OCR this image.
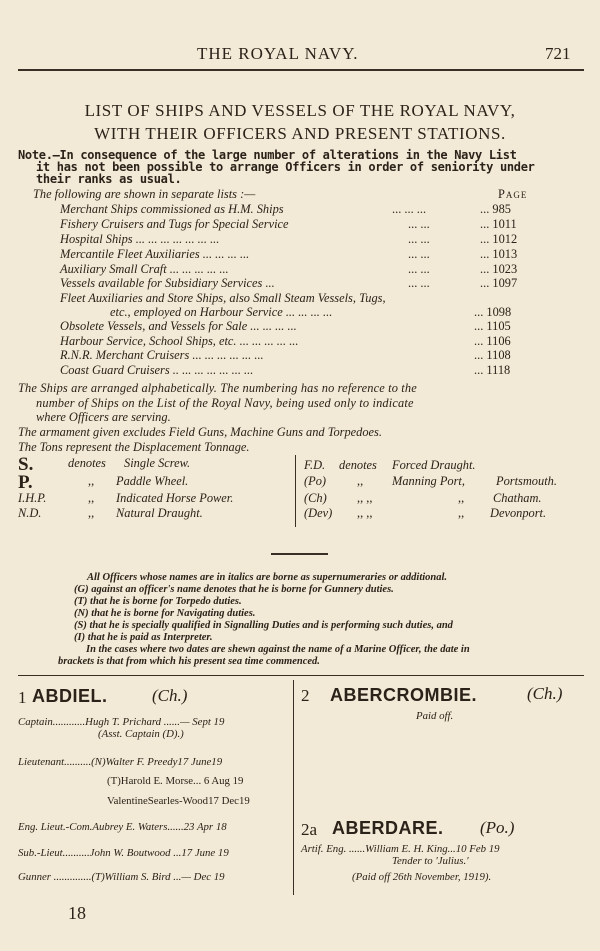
THE ROYAL NAVY.	721
LIST OF SHIPS AND VESSELS OF THE ROYAL NAVY,
WITH THEIR OFFICERS AND PRESENT STATIONS.
Note.—In consequence of the large number of alterations in the Navy List
it has not been possible to arrange Officers in order of seniority under
their ranks as usual.
The following are shown in separate lists :—	Page
Merchant Ships commissioned as H.M. Ships	... ... ...	... 985
Fishery Cruisers and Tugs for Special Service	... ...	... 1011
Hospital Ships ... ... ... ... ... ... ...	... ...	... 1012
Mercantile Fleet Auxiliaries ... ... ... ...	... ...	... 1013
Auxiliary Small Craft ... ... ... ... ...	... ...	... 1023
Vessels available for Subsidiary Services ...	... ...	... 1097
Fleet Auxiliaries and Store Ships, also Small Steam Vessels, Tugs,
etc., employed on Harbour Service ... ... ... ...	... 1098
Obsolete Vessels, and Vessels for Sale ... ... ... ...	... 1105
Harbour Service, School Ships, etc. ... ... ... ... ...	... 1106
R.N.R. Merchant Cruisers ... ... ... ... ... ...	... 1108
Coast Guard Cruisers .. ... ... ... ... ... ...	... 1118
The Ships are arranged alphabetically. The numbering has no reference to the
number of Ships on the List of the Royal Navy, being used only to indicate
where Officers are serving.
The armament given excludes Field Guns, Machine Guns and Torpedoes.
The Tons represent the Displacement Tonnage.
S.	denotes Single Screw.
P.	,, Paddle Wheel.
I.H.P.	,, Indicated Horse Power.
N.D.	,, Natural Draught.
F.D. denotes Forced Draught.
(Po) ,, Manning Port,	Portsmouth.
(Ch) ,, ,,	,, Chatham.
(Dev) ,, ,,	,, Devonport.
All Officers whose names are in italics are borne as supernumeraries or additional.
(G) against an officer's name denotes that he is borne for Gunnery duties.
(T) that he is borne for Torpedo duties.
(N) that he is borne for Navigating duties.
(S) that he is specially qualified in Signalling Duties and is performing such duties, and
(I) that he is paid as Interpreter.
In the cases where two dates are shewn against the name of a Marine Officer, the date in
brackets is that from which his present sea time commenced.
1 ABDIEL.	(Ch.)
Captain............Hugh T. Prichard ......— Sept 19
(Asst. Captain (D).)
Lieutenant..........(N)Walter F. Preedy17 June19
(T)Harold E. Morse... 6 Aug 19
ValentineSearles-Wood17 Dec19
Eng. Lieut.-Com.Aubrey E. Waters......23 Apr 18
Sub.-Lieut..........John W. Boutwood ...17 June 19
Gunner ..............(T)William S. Bird ...— Dec 19
2 ABERCROMBIE.	(Ch.)
Paid off.
2a ABERDARE. (Po.)
Artif. Eng. ......William E. H. King...10 Feb 19
Tender to 'Julius.'
(Paid off 26th November, 1919).
18
